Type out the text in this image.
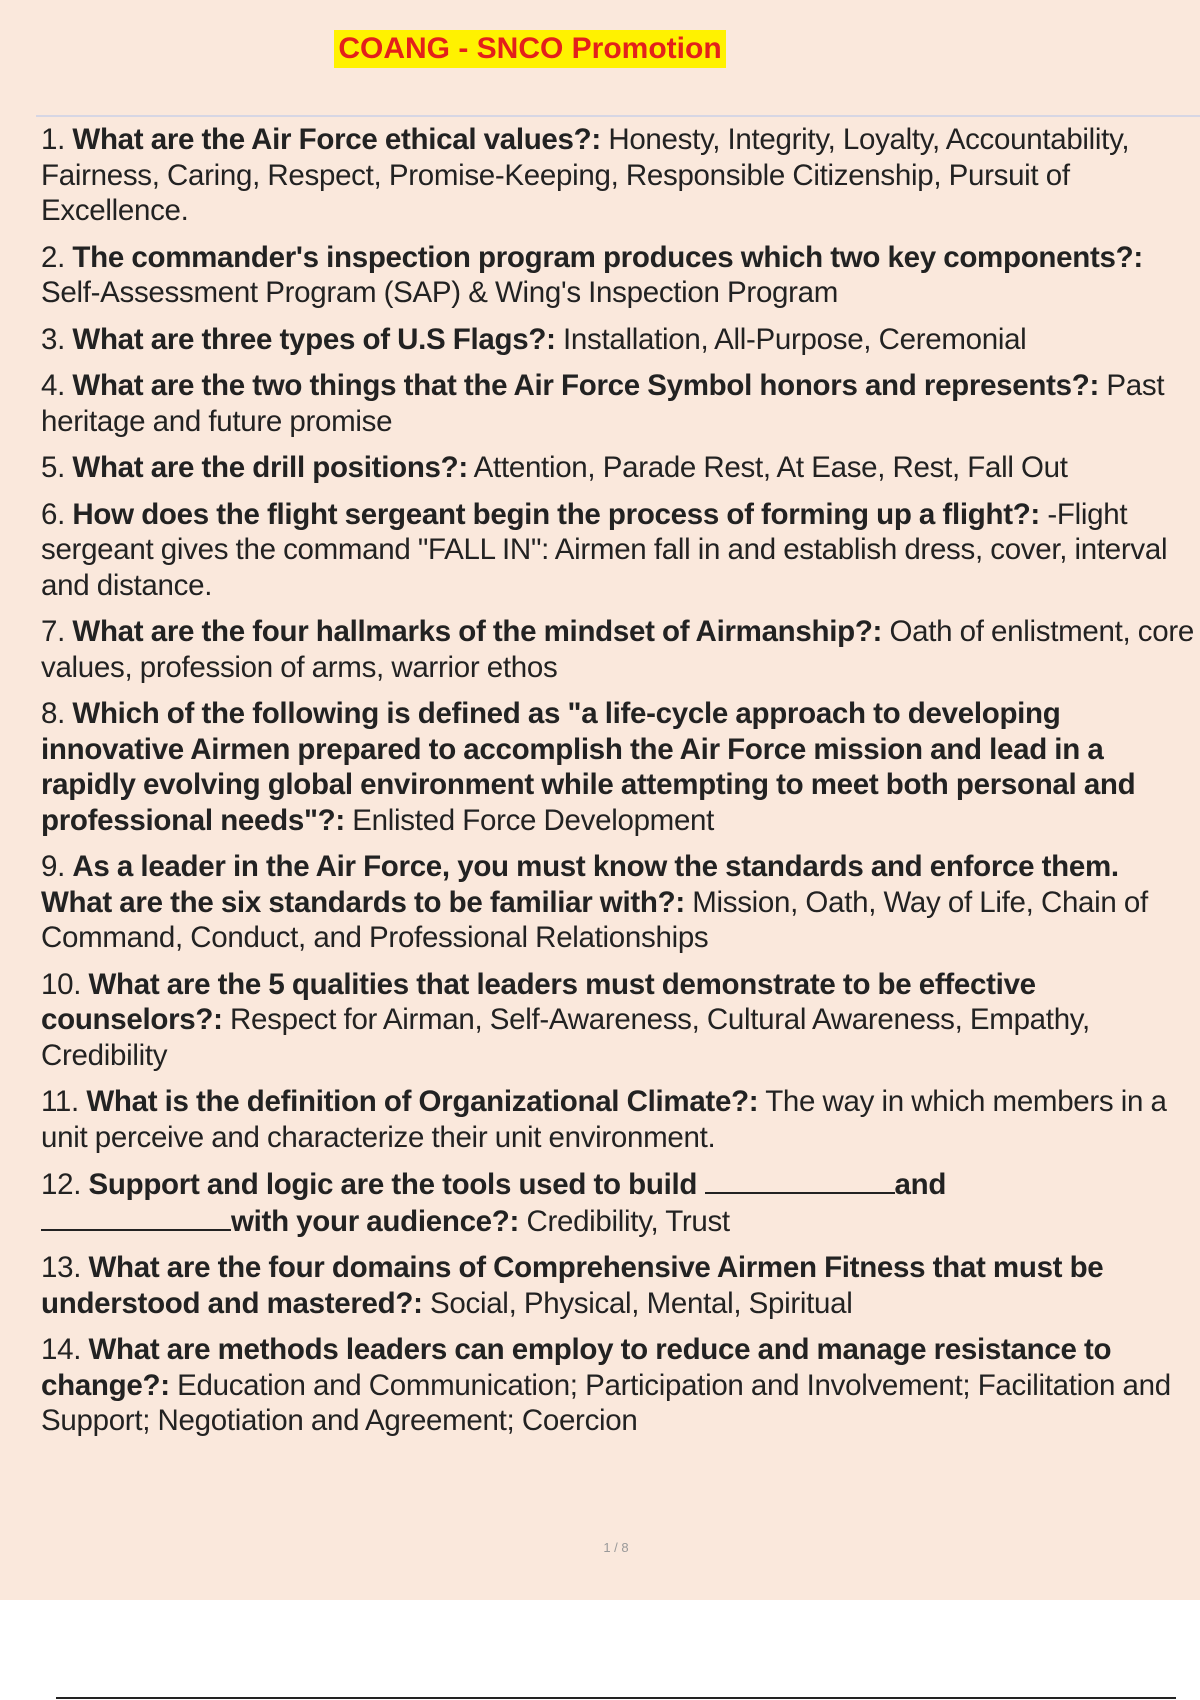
COANG - SNCO Promotion
1. What are the Air Force ethical values?: Honesty, Integrity, Loyalty, Accountability, Fairness, Caring, Respect, Promise-Keeping, Responsible Citizenship, Pursuit of Excellence.
2. The commander's inspection program produces which two key components?: Self-Assessment Program (SAP) & Wing's Inspection Program
3. What are three types of U.S Flags?: Installation, All-Purpose, Ceremonial
4. What are the two things that the Air Force Symbol honors and represents?: Past heritage and future promise
5. What are the drill positions?: Attention, Parade Rest, At Ease, Rest, Fall Out
6. How does the flight sergeant begin the process of forming up a flight?: -Flight sergeant gives the command "FALL IN": Airmen fall in and establish dress, cover, interval and distance.
7. What are the four hallmarks of the mindset of Airmanship?: Oath of enlistment, core values, profession of arms, warrior ethos
8. Which of the following is defined as "a life-cycle approach to developing innovative Airmen prepared to accomplish the Air Force mission and lead in a rapidly evolving global environment while attempting to meet both personal and professional needs"?: Enlisted Force Development
9. As a leader in the Air Force, you must know the standards and enforce them. What are the six standards to be familiar with?: Mission, Oath, Way of Life, Chain of Command, Conduct, and Professional Relationships
10. What are the 5 qualities that leaders must demonstrate to be effective counselors?: Respect for Airman, Self-Awareness, Cultural Awareness, Empathy, Credibility
11. What is the definition of Organizational Climate?: The way in which members in a unit perceive and characterize their unit environment.
12. Support and logic are the tools used to build	and
with your audience?: Credibility, Trust
13. What are the four domains of Comprehensive Airmen Fitness that must be understood and mastered?: Social, Physical, Mental, Spiritual
14. What are methods leaders can employ to reduce and manage resistance to change?: Education and Communication; Participation and Involvement; Facilitation and Support; Negotiation and Agreement; Coercion
1 / 8
